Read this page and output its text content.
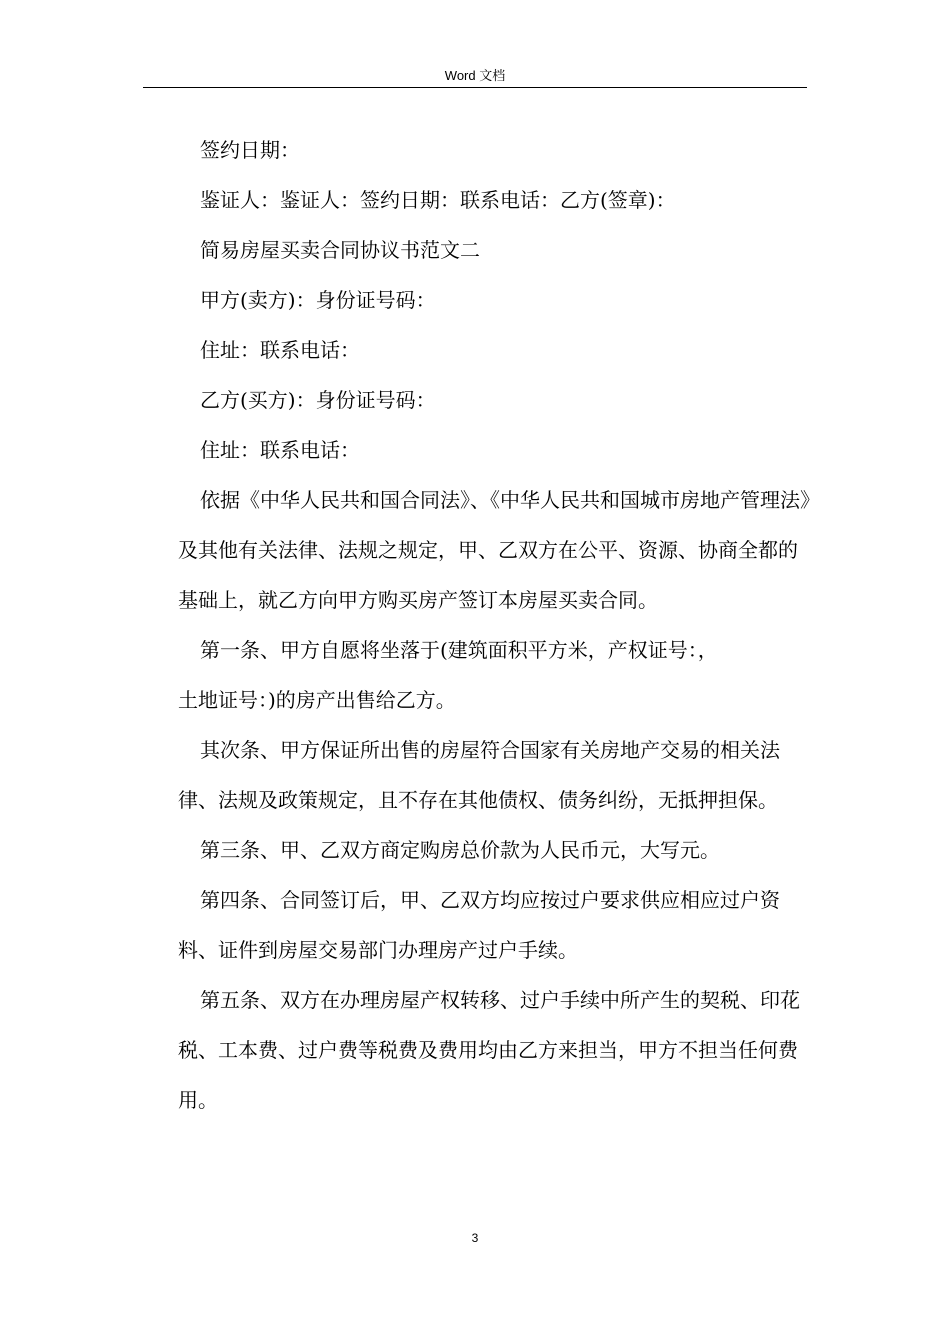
Word 文档

签约日期：

鉴证人：鉴证人：签约日期：联系电话：乙方(签章)：

简易房屋买卖合同协议书范文二

甲方(卖方)：身份证号码：

住址：联系电话：

乙方(买方)：身份证号码：

住址：联系电话：

依据《中华人民共和国合同法》、《中华人民共和国城市房地产管理法》及其他有关法律、法规之规定，甲、乙双方在公平、资源、协商全都的基础上，就乙方向甲方购买房产签订本房屋买卖合同。

第一条、甲方自愿将坐落于(建筑面积平方米，产权证号：，
土地证号：)的房产出售给乙方。

其次条、甲方保证所出售的房屋符合国家有关房地产交易的相关法律、法规及政策规定，且不存在其他债权、债务纠纷，无抵押担保。

第三条、甲、乙双方商定购房总价款为人民币元，大写元。

第四条、合同签订后，甲、乙双方均应按过户要求供应相应过户资料、证件到房屋交易部门办理房产过户手续。

第五条、双方在办理房屋产权转移、过户手续中所产生的契税、印花税、工本费、过户费等税费及费用均由乙方来担当，甲方不担当任何费用。

3
